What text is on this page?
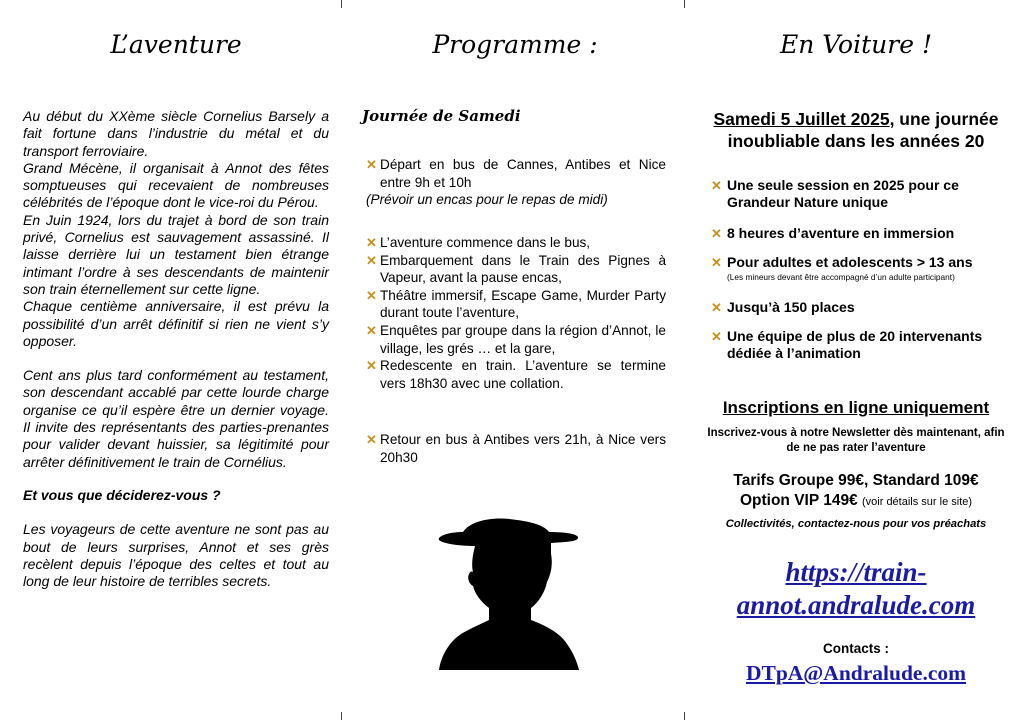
L’aventure

Au début du XXème siècle Cornelius Barsely a fait fortune dans l’industrie du métal et du transport ferroviaire.

Grand Mécène, il organisait à Annot des fêtes somptueuses qui recevaient de nombreuses célébrités de l’époque dont le vice-roi du Pérou.

En Juin 1924, lors du trajet à bord de son train privé, Cornelius est sauvagement assassiné. Il laisse derrière lui un testament bien étrange intimant l’ordre à ses descendants de maintenir son train éternellement sur cette ligne.

Chaque centième anniversaire, il est prévu la possibilité d’un arrêt définitif si rien ne vient s’y opposer.

Cent ans plus tard conformément au testament, son descendant accablé par cette lourde charge organise ce qu’il espère être un dernier voyage. Il invite des représentants des parties-prenantes pour valider devant huissier, sa légitimité pour arrêter définitivement le train de Cornélius.

Et vous que déciderez-vous ?

Les voyageurs de cette aventure ne sont pas au bout de leurs surprises, Annot et ses grès recèlent depuis l’époque des celtes et tout au long de leur histoire de terribles secrets.

Programme :
Journée de Samedi
✕ Départ en bus de Cannes, Antibes et Nice entre 9h et 10h
(Prévoir un encas pour le repas de midi)
✕ L’aventure commence dans le bus,
✕ Embarquement dans le Train des Pignes à Vapeur, avant la pause encas,
✕ Théâtre immersif, Escape Game, Murder Party durant toute l’aventure,
✕ Enquêtes par groupe dans la région d’Annot, le village, les grés … et la gare,
✕ Redescente en train. L’aventure se termine vers 18h30 avec une collation.
✕ Retour en bus à Antibes vers 21h, à Nice vers 20h30
En Voiture !

Samedi 5 Juillet 2025, une journée inoubliable dans les années 20

✕ Une seule session en 2025 pour ce Grandeur Nature unique
✕ 8 heures d’aventure en immersion
✕ Pour adultes et adolescents > 13 ans
(Les mineurs devant être accompagné d’un adulte participant)
✕ Jusqu’à 150 places
✕ Une équipe de plus de 20 intervenants dédiée à l’animation

Inscriptions en ligne uniquement

Inscrivez-vous à notre Newsletter dès maintenant, afin de ne pas rater l’aventure
Tarifs Groupe 99€, Standard 109€
Option VIP 149€ (voir détails sur le site)
Collectivités, contactez-nous pour vos préachats
https://train-annot.andralude.com
Contacts :
DTpA@Andralude.com
